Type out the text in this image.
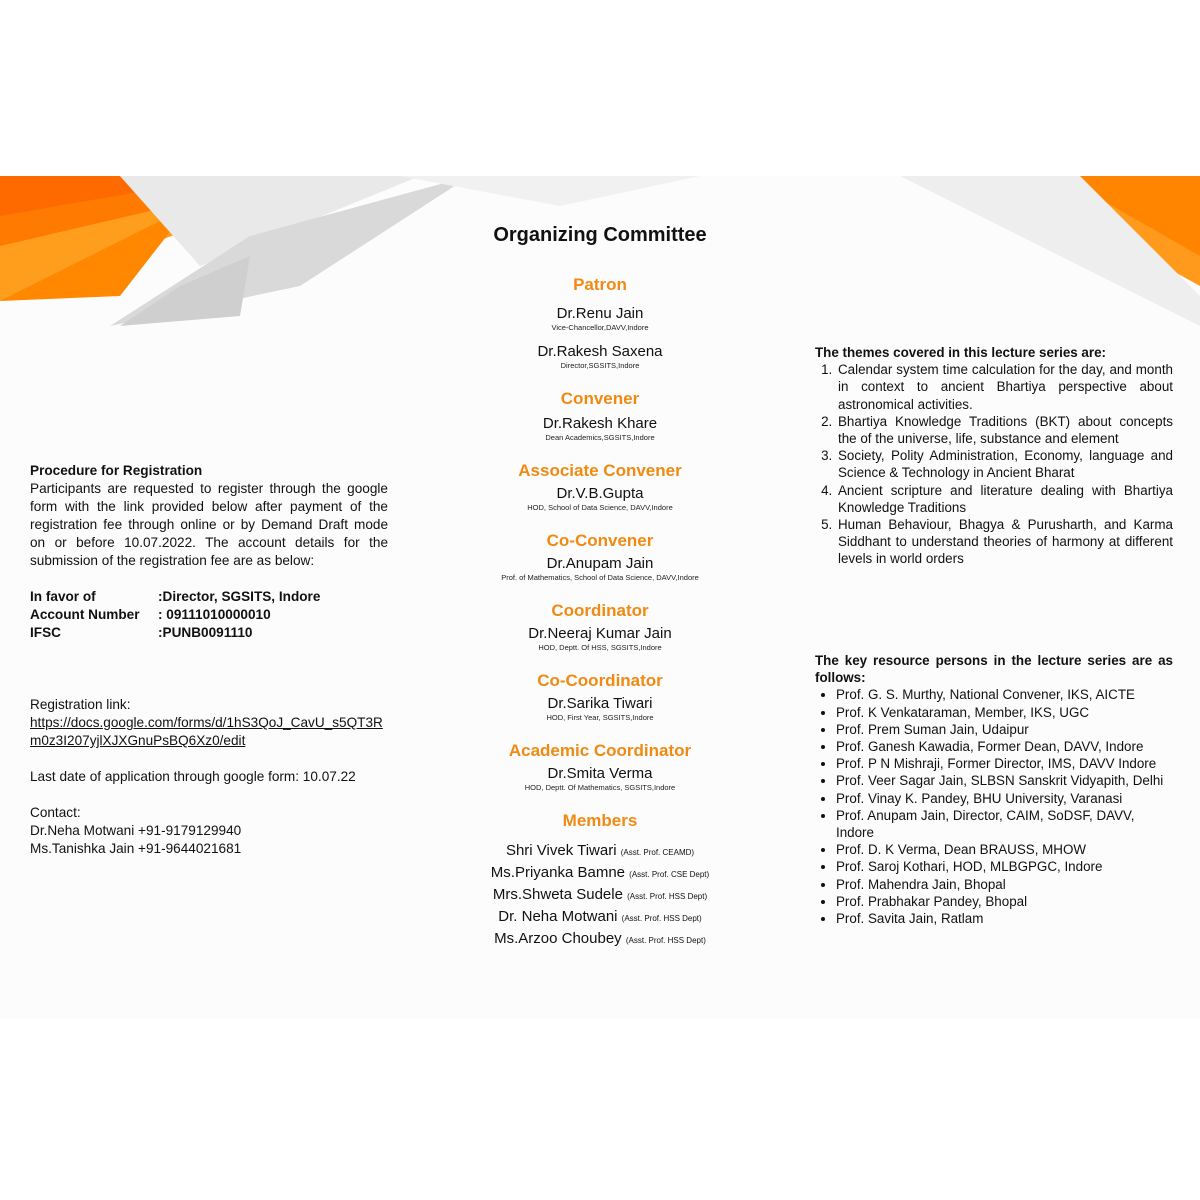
Procedure for Registration
Participants are requested to register through the google form with the link provided below after payment of the registration fee through online or by Demand Draft mode on or before 10.07.2022. The account details for the submission of the registration fee are as below:
In favor of	:Director, SGSITS, Indore
Account Number	: 09111010000010
IFSC	:PUNB0091110
Registration link:
https://docs.google.com/forms/d/1hS3QoJ_CavU_s5QT3Rm0z3I207yjlXJXGnuPsBQ6Xz0/edit
Last date of application through google form: 10.07.22
Contact:
Dr.Neha Motwani +91-9179129940
Ms.Tanishka Jain +91-9644021681
Organizing Committee
Patron
Dr.Renu Jain
Vice-Chancellor,DAVV,Indore
Dr.Rakesh Saxena
Director,SGSITS,Indore
Convener
Dr.Rakesh Khare
Dean Academics,SGSITS,Indore
Associate Convener
Dr.V.B.Gupta
HOD, School of Data Science, DAVV,Indore
Co-Convener
Dr.Anupam Jain
Prof. of Mathematics, School of Data Science, DAVV,Indore
Coordinator
Dr.Neeraj Kumar Jain
HOD, Deptt. Of HSS, SGSITS,Indore
Co-Coordinator
Dr.Sarika Tiwari
HOD, First Year, SGSITS,Indore
Academic Coordinator
Dr.Smita Verma
HOD, Deptt. Of Mathematics, SGSITS,Indore
Members
Shri Vivek Tiwari (Asst. Prof. CEAMD)
Ms.Priyanka Bamne (Asst. Prof. CSE Dept)
Mrs.Shweta Sudele (Asst. Prof. HSS Dept)
Dr. Neha Motwani (Asst. Prof. HSS Dept)
Ms.Arzoo Choubey (Asst. Prof. HSS Dept)
The themes covered in this lecture series are:
1. Calendar system time calculation for the day, and month in context to ancient Bhartiya perspective about astronomical activities.
2. Bhartiya Knowledge Traditions (BKT) about concepts the of the universe, life, substance and element
3. Society, Polity Administration, Economy, language and Science & Technology in Ancient Bharat
4. Ancient scripture and literature dealing with Bhartiya Knowledge Traditions
5. Human Behaviour, Bhagya & Purusharth, and Karma Siddhant to understand theories of harmony at different levels in world orders
The key resource persons in the lecture series are as follows:
• Prof. G. S. Murthy, National Convener, IKS, AICTE
• Prof. K Venkataraman, Member, IKS, UGC
• Prof. Prem Suman Jain, Udaipur
• Prof. Ganesh Kawadia, Former Dean, DAVV, Indore
• Prof. P N Mishraji, Former Director, IMS, DAVV Indore
• Prof. Veer Sagar Jain, SLBSN Sanskrit Vidyapith, Delhi
• Prof. Vinay K. Pandey, BHU University, Varanasi
• Prof. Anupam Jain, Director, CAIM, SoDSF, DAVV, Indore
• Prof. D. K Verma, Dean BRAUSS, MHOW
• Prof. Saroj Kothari, HOD, MLBGPGC, Indore
• Prof. Mahendra Jain, Bhopal
• Prof. Prabhakar Pandey, Bhopal
• Prof. Savita Jain, Ratlam
